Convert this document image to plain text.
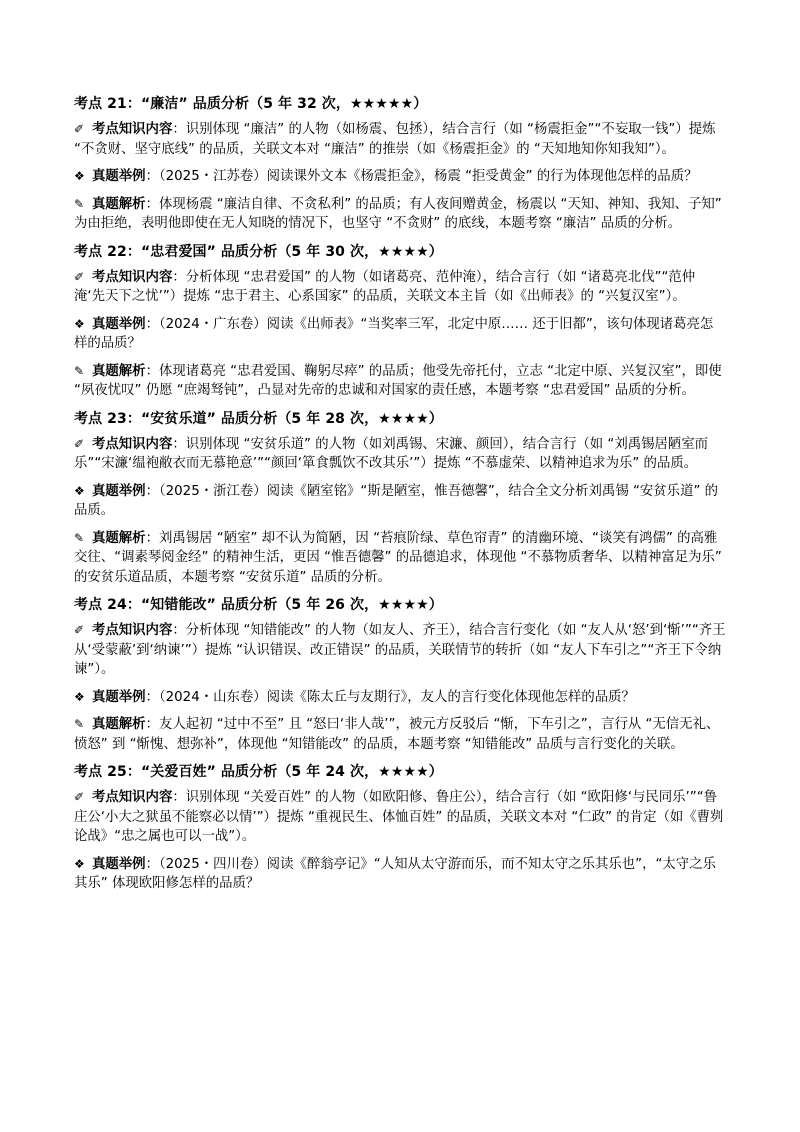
考点 21：“廉洁” 品质分析（5 年 32 次，★★★★★）
✐ 考点知识内容：识别体现 “廉洁” 的人物（如杨震、包拯），结合言行（如 “杨震拒金”“不妄取一钱”）提炼 “不贪财、坚守底线” 的品质，关联文本对 “廉洁” 的推崇（如《杨震拒金》的 “天知地知你知我知”）。
❖ 真题举例：（2025・江苏卷）阅读课外文本《杨震拒金》，杨震 “拒受黄金” 的行为体现他怎样的品质？
✎ 真题解析：体现杨震 “廉洁自律、不贪私利” 的品质；有人夜间赠黄金，杨震以 “天知、神知、我知、子知” 为由拒绝，表明他即使在无人知晓的情况下，也坚守 “不贪财” 的底线，本题考察 “廉洁” 品质的分析。
考点 22：“忠君爱国” 品质分析（5 年 30 次，★★★★）
✐ 考点知识内容：分析体现 “忠君爱国” 的人物（如诸葛亮、范仲淹），结合言行（如 “诸葛亮北伐”“范仲淹‘先天下之忧’”）提炼 “忠于君主、心系国家” 的品质，关联文本主旨（如《出师表》的 “兴复汉室”）。
❖ 真题举例：（2024・广东卷）阅读《出师表》“当奖率三军，北定中原…… 还于旧都”，该句体现诸葛亮怎样的品质？
✎ 真题解析：体现诸葛亮 “忠君爱国、鞠躬尽瘁” 的品质；他受先帝托付，立志 “北定中原、兴复汉室”，即使 “夙夜忧叹” 仍愿 “庶竭驽钝”，凸显对先帝的忠诚和对国家的责任感，本题考察 “忠君爱国” 品质的分析。
考点 23：“安贫乐道” 品质分析（5 年 28 次，★★★★）
✐ 考点知识内容：识别体现 “安贫乐道” 的人物（如刘禹锡、宋濂、颜回），结合言行（如 “刘禹锡居陋室而乐”“宋濂‘缊袍敝衣而无慕艳意’”“颜回‘箪食瓢饮不改其乐’”）提炼 “不慕虚荣、以精神追求为乐” 的品质。
❖ 真题举例：（2025・浙江卷）阅读《陋室铭》“斯是陋室，惟吾德馨”，结合全文分析刘禹锡 “安贫乐道” 的品质。
✎ 真题解析：刘禹锡居 “陋室” 却不认为简陋，因 “苔痕阶绿、草色帘青” 的清幽环境、“谈笑有鸿儒” 的高雅交往、“调素琴阅金经” 的精神生活，更因 “惟吾德馨” 的品德追求，体现他 “不慕物质奢华、以精神富足为乐” 的安贫乐道品质，本题考察 “安贫乐道” 品质的分析。
考点 24：“知错能改” 品质分析（5 年 26 次，★★★★）
✐ 考点知识内容：分析体现 “知错能改” 的人物（如友人、齐王），结合言行变化（如 “友人从‘怒’到‘惭’”“齐王从‘受蒙蔽’到‘纳谏’”）提炼 “认识错误、改正错误” 的品质，关联情节的转折（如 “友人下车引之”“齐王下令纳谏”）。
❖ 真题举例：（2024・山东卷）阅读《陈太丘与友期行》，友人的言行变化体现他怎样的品质？
✎ 真题解析：友人起初 “过中不至” 且 “怒曰‘非人哉’”，被元方反驳后 “惭，下车引之”，言行从 “无信无礼、愤怒” 到 “惭愧、想弥补”，体现他 “知错能改” 的品质，本题考察 “知错能改” 品质与言行变化的关联。
考点 25：“关爱百姓” 品质分析（5 年 24 次，★★★★）
✐ 考点知识内容：识别体现 “关爱百姓” 的人物（如欧阳修、鲁庄公），结合言行（如 “欧阳修‘与民同乐’”“鲁庄公‘小大之狱虽不能察必以情’”）提炼 “重视民生、体恤百姓” 的品质，关联文本对 “仁政” 的肯定（如《曹刿论战》“忠之属也可以一战”）。
❖ 真题举例：（2025・四川卷）阅读《醉翁亭记》“人知从太守游而乐，而不知太守之乐其乐也”，“太守之乐其乐” 体现欧阳修怎样的品质？
